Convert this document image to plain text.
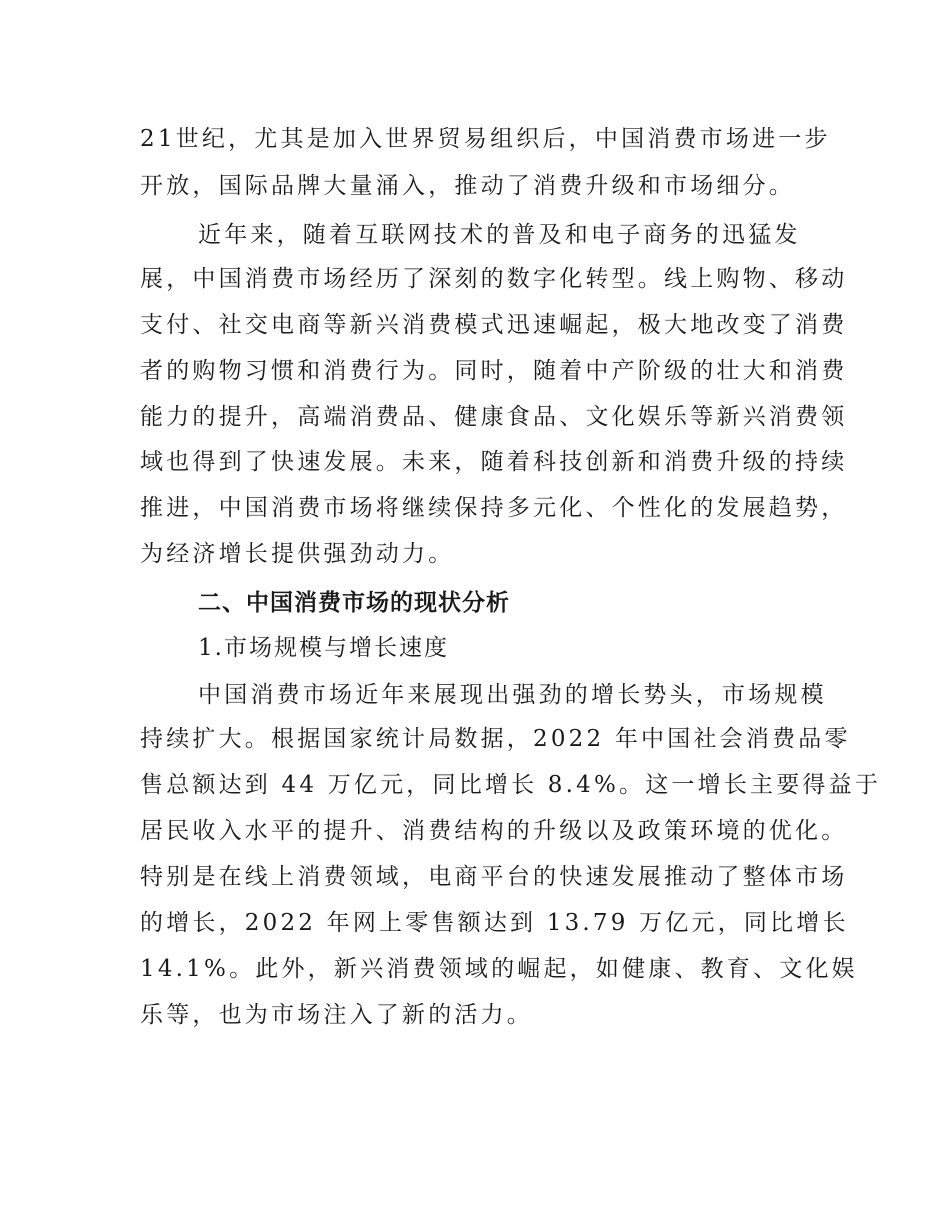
21世纪，尤其是加入世界贸易组织后，中国消费市场进一步
开放，国际品牌大量涌入，推动了消费升级和市场细分。
近年来，随着互联网技术的普及和电子商务的迅猛发
展，中国消费市场经历了深刻的数字化转型。线上购物、移动
支付、社交电商等新兴消费模式迅速崛起，极大地改变了消费
者的购物习惯和消费行为。同时，随着中产阶级的壮大和消费
能力的提升，高端消费品、健康食品、文化娱乐等新兴消费领
域也得到了快速发展。未来，随着科技创新和消费升级的持续
推进，中国消费市场将继续保持多元化、个性化的发展趋势，
为经济增长提供强劲动力。
二、中国消费市场的现状分析
1.市场规模与增长速度
中国消费市场近年来展现出强劲的增长势头，市场规模
持续扩大。根据国家统计局数据，2022 年中国社会消费品零
售总额达到 44 万亿元，同比增长 8.4%。这一增长主要得益于
居民收入水平的提升、消费结构的升级以及政策环境的优化。
特别是在线上消费领域，电商平台的快速发展推动了整体市场
的增长，2022 年网上零售额达到 13.79 万亿元，同比增长
14.1%。此外，新兴消费领域的崛起，如健康、教育、文化娱
乐等，也为市场注入了新的活力。
